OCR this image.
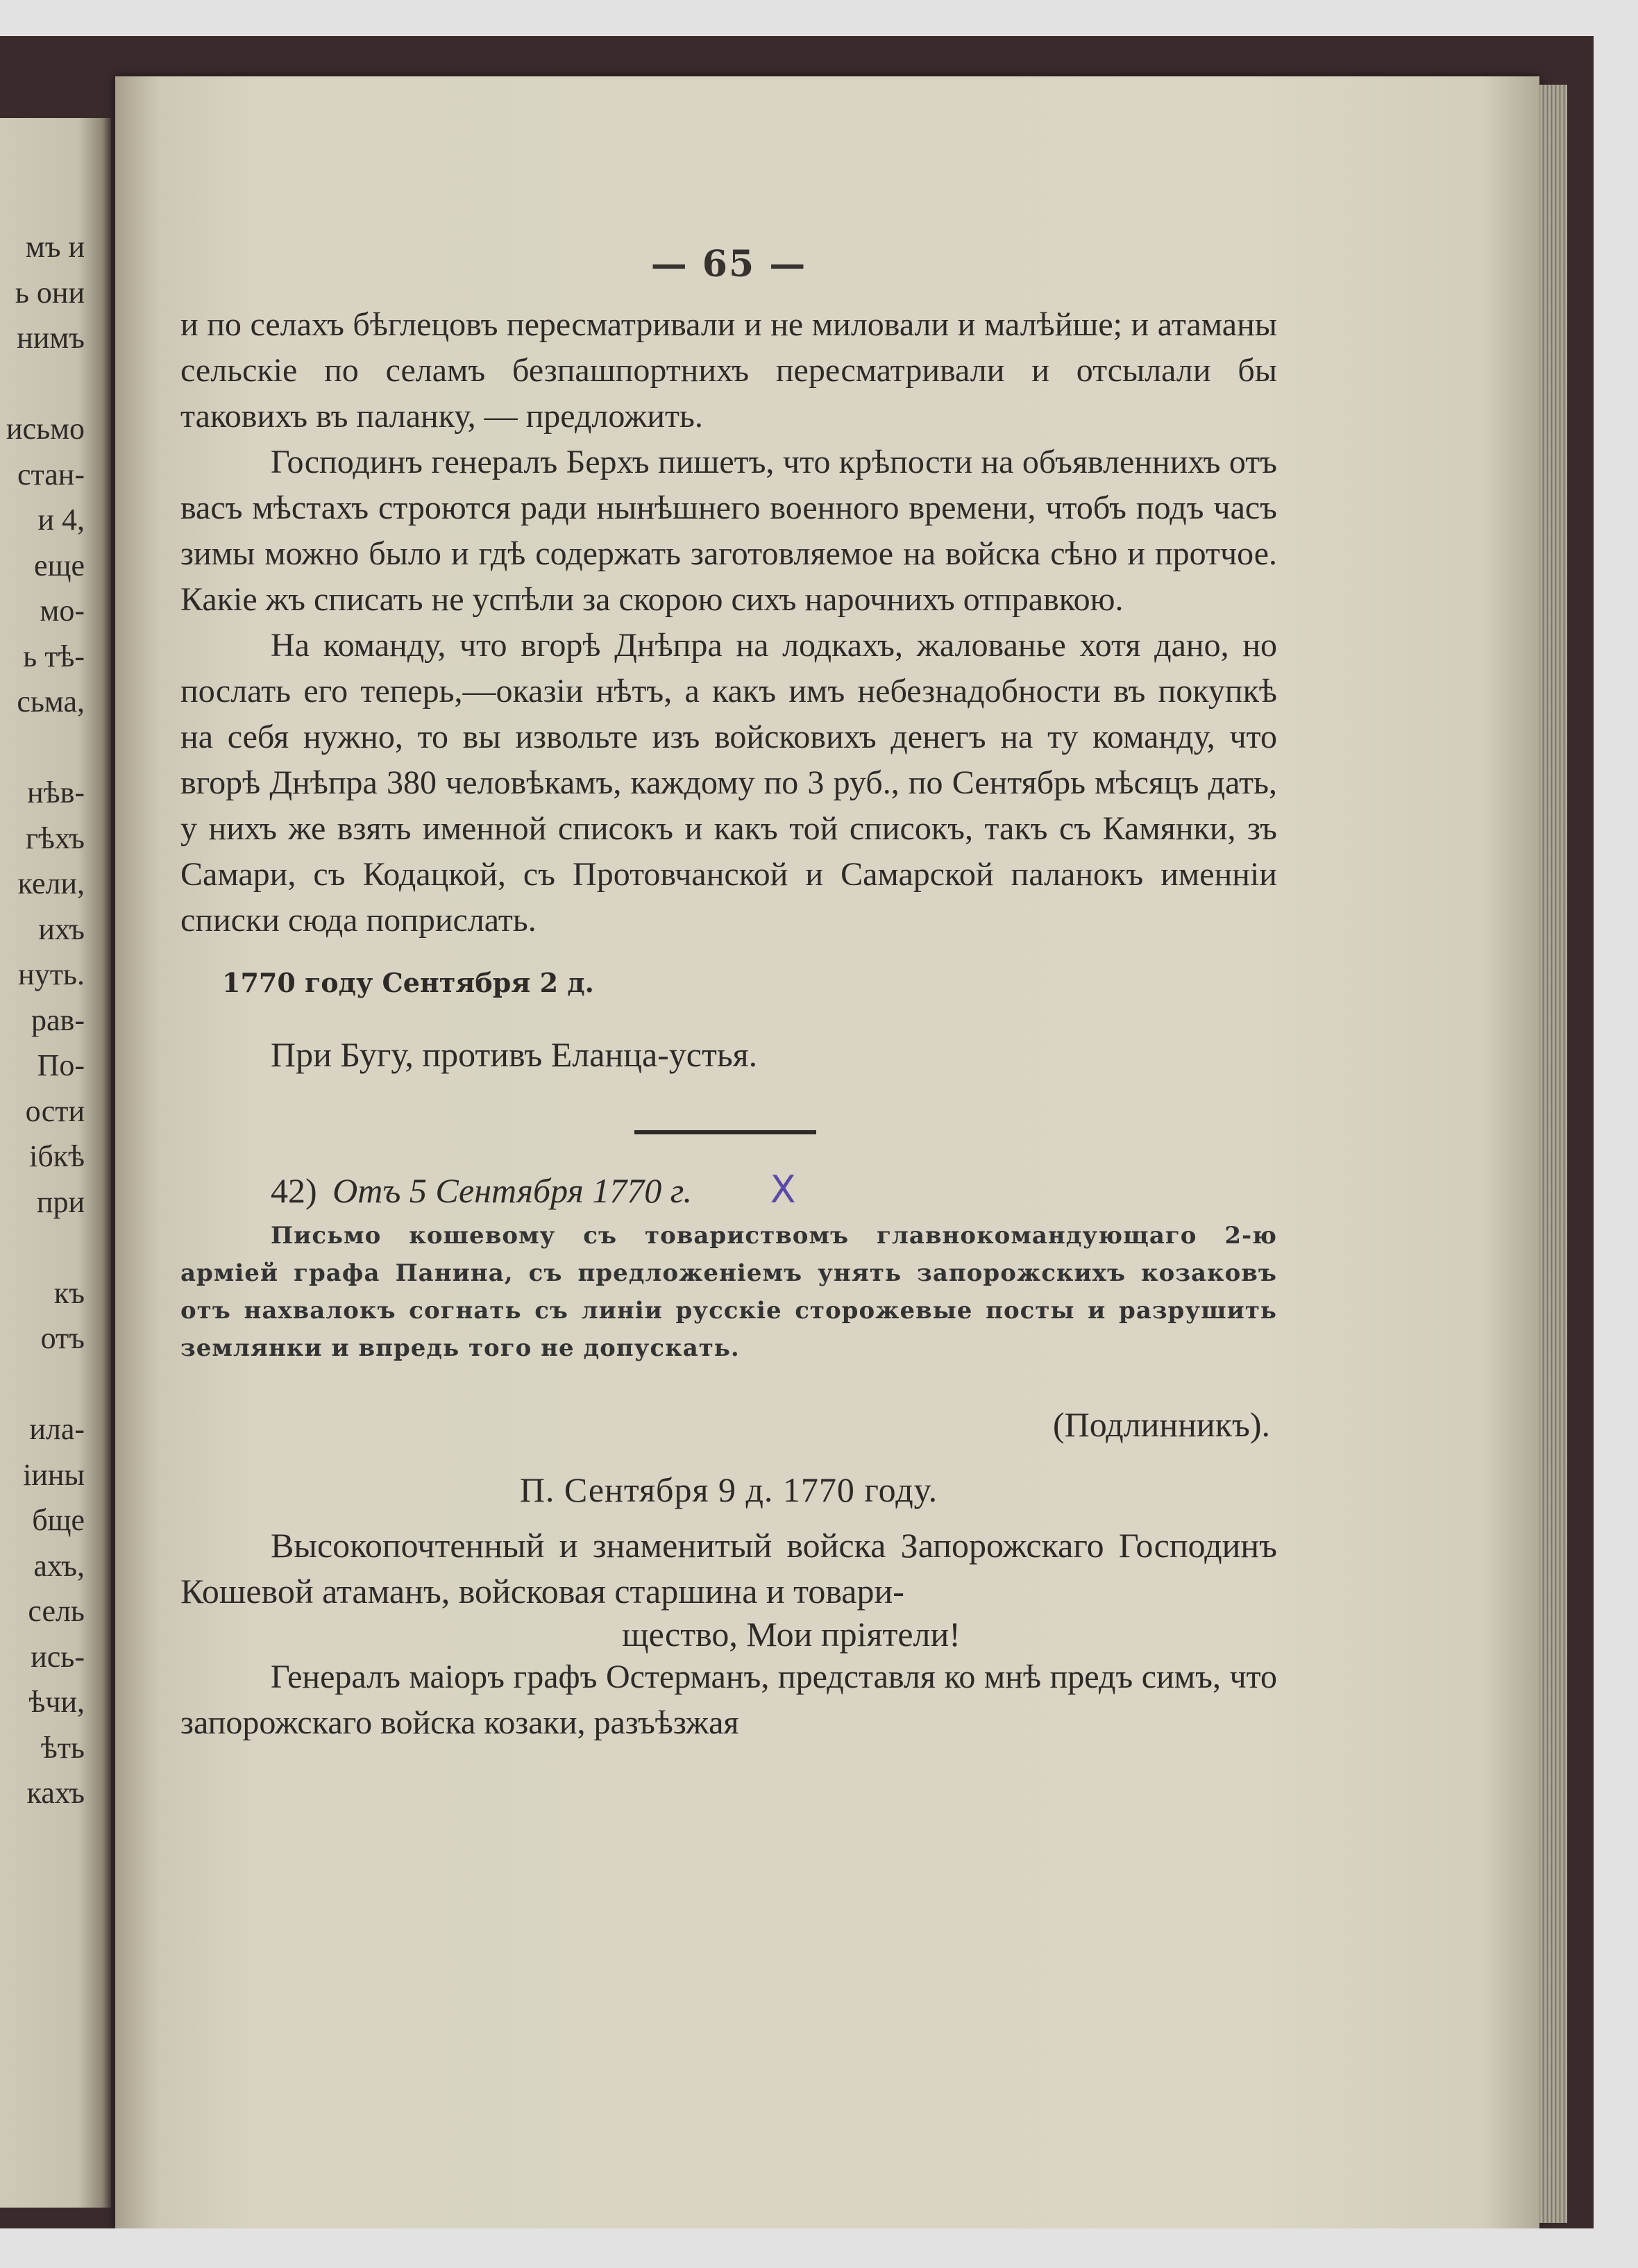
мъ и

ь они

нимъ

исьмо

стан-

и 4,

еще

мо-

ь тѣ-

сьма,

нѣв-

гѣхъ

кели,

ихъ

нуть.

рав-

По-

ости

ібкѣ

при

къ

отъ

ила-

іины

бще

ахъ,

сель

ись-

ѣчи,

ѣть

кахъ

— 65 —

и по селахъ бѣглецовъ пересматривали и не миловали и малѣйше; и атаманы сельскіе по селамъ безпашпортнихъ пересматривали и отсылали бы таковихъ въ паланку, — предложить.

Господинъ генералъ Берхъ пишетъ, что крѣпости на объявленнихъ отъ васъ мѣстахъ строются ради нынѣшнего военного времени, чтобъ подъ часъ зимы можно было и гдѣ содержать заготовляемое на войска сѣно и протчое. Какіе жъ списать не успѣли за скорою сихъ нарочнихъ отправкою.

На команду, что вгорѣ Днѣпра на лодкахъ, жалованье хотя дано, но послать его теперь,—оказіи нѣтъ, а какъ имъ небезнадобности въ покупкѣ на себя нужно, то вы извольте изъ войсковихъ денегъ на ту команду, что вгорѣ Днѣпра 380 человѣкамъ, каждому по 3 руб., по Сентябрь мѣсяцъ дать, у нихъ же взять именной списокъ и какъ той списокъ, такъ съ Камянки, зъ Самари, съ Кодацкой, съ Протовчанской и Самарской паланокъ именніи списки сюда поприслать.

1770 году Сентября 2 д.
При Бугу, противъ Еланца-устья.
42) Отъ 5 Сентября 1770 г. X

Письмо кошевому съ товариствомъ главнокомандующаго 2-ю арміей графа Панина, съ предложеніемъ унять запорожскихъ козаковъ отъ нахвалокъ согнать съ линіи русскіе сторожевые посты и разрушить землянки и впредь того не допускать.

(Подлинникъ).
П. Сентября 9 д. 1770 году.

Высокопочтенный и знаменитый войска Запорожскаго Господинъ Кошевой атаманъ, войсковая старшина и товари-

щество, Мои пріятели!

Генералъ маіоръ графъ Остерманъ, представля ко мнѣ предъ симъ, что запорожскаго войска козаки, разъѣзжая
